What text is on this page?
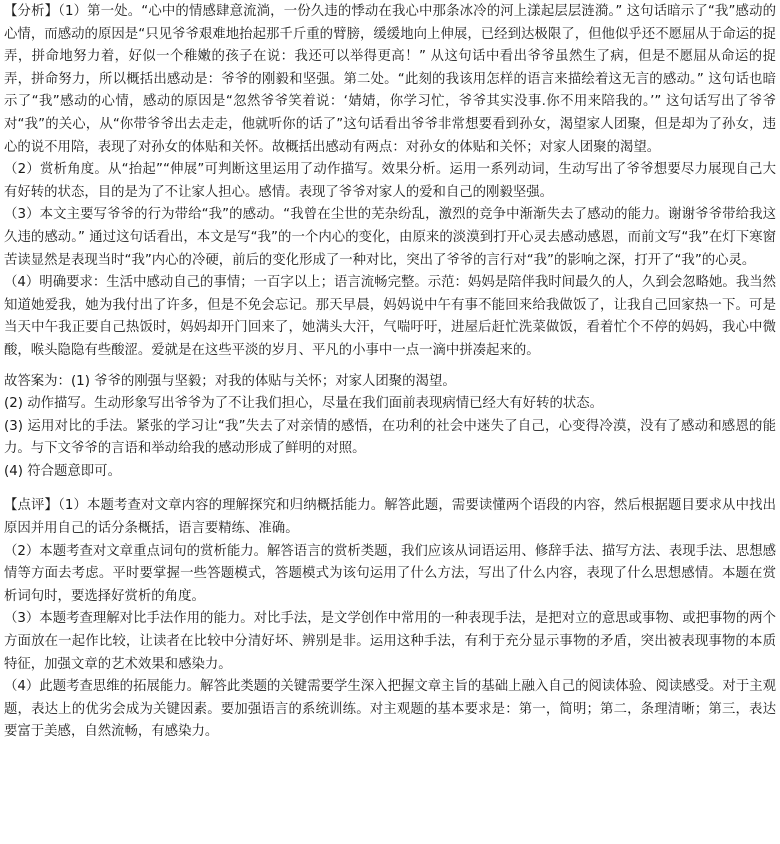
【分析】（1）第一处。“心中的情感肆意流淌，一份久违的悸动在我心中那条冰冷的河上漾起层层涟漪。” 这句话暗示了“我”感动的心情，而感动的原因是“只见爷爷艰难地抬起那千斤重的臂膀，缓缓地向上伸展，已经到达极限了，但他似乎还不愿屈从于命运的捉弄，拼命地努力着，好似一个稚嫩的孩子在说：我还可以举得更高！” 从这句话中看出爷爷虽然生了病，但是不愿屈从命运的捉弄，拼命努力，所以概括出感动是：爷爷的刚毅和坚强。第二处。“此刻的我该用怎样的语言来描绘着这无言的感动。” 这句话也暗示了“我”感动的心情，感动的原因是“忽然爷爷笑着说：‘婧婧，你学习忙，爷爷其实没事.你不用来陪我的。’” 这句话写出了爷爷对“我”的关心，从“你带爷爷出去走走，他就听你的话了”这句话看出爷爷非常想要看到孙女，渴望家人团聚，但是却为了孙女，违心的说不用陪，表现了对孙女的体贴和关怀。故概括出感动有两点：对孙女的体贴和关怀；对家人团聚的渴望。

（2）赏析角度。从“抬起”“伸展”可判断这里运用了动作描写。效果分析。运用一系列动词，生动写出了爷爷想要尽力展现自己大有好转的状态，目的是为了不让家人担心。感情。表现了爷爷对家人的爱和自己的刚毅坚强。

（3）本文主要写爷爷的行为带给“我”的感动。“我曾在尘世的芜杂纷乱，激烈的竞争中渐渐失去了感动的能力。谢谢爷爷带给我这久违的感动。” 通过这句话看出，本文是写“我”的一个内心的变化，由原来的淡漠到打开心灵去感动感恩，而前文写“我”在灯下寒窗苦读显然是表现当时“我”内心的冷硬，前后的变化形成了一种对比，突出了爷爷的言行对“我”的影响之深，打开了“我”的心灵。

（4）明确要求：生活中感动自己的事情；一百字以上；语言流畅完整。示范：妈妈是陪伴我时间最久的人，久到会忽略她。我当然知道她爱我，她为我付出了许多，但是不免会忘记。那天早晨，妈妈说中午有事不能回来给我做饭了，让我自己回家热一下。可是当天中午我正要自己热饭时，妈妈却开门回来了，她满头大汗，气喘吁吁，进屋后赶忙洗菜做饭，看着忙个不停的妈妈，我心中微酸，喉头隐隐有些酸涩。爱就是在这些平淡的岁月、平凡的小事中一点一滴中拼凑起来的。

故答案为：(1) 爷爷的刚强与坚毅；对我的体贴与关怀；对家人团聚的渴望。

(2) 动作描写。生动形象写出爷爷为了不让我们担心，尽量在我们面前表现病情已经大有好转的状态。

(3) 运用对比的手法。紧张的学习让“我”失去了对亲情的感悟，在功利的社会中迷失了自己，心变得冷漠，没有了感动和感恩的能力。与下文爷爷的言语和举动给我的感动形成了鲜明的对照。

(4) 符合题意即可。

【点评】（1）本题考查对文章内容的理解探究和归纳概括能力。解答此题，需要读懂两个语段的内容，然后根据题目要求从中找出原因并用自己的话分条概括，语言要精练、准确。

（2）本题考查对文章重点词句的赏析能力。解答语言的赏析类题，我们应该从词语运用、修辞手法、描写方法、表现手法、思想感情等方面去考虑。平时要掌握一些答题模式，答题模式为该句运用了什么方法，写出了什么内容，表现了什么思想感情。本题在赏析词句时，要选择好赏析的角度。

（3）本题考查理解对比手法作用的能力。对比手法，是文学创作中常用的一种表现手法，是把对立的意思或事物、或把事物的两个方面放在一起作比较，让读者在比较中分清好坏、辨别是非。运用这种手法，有利于充分显示事物的矛盾，突出被表现事物的本质特征，加强文章的艺术效果和感染力。

（4）此题考查思维的拓展能力。解答此类题的关键需要学生深入把握文章主旨的基础上融入自己的阅读体验、阅读感受。对于主观题，表达上的优劣会成为关键因素。要加强语言的系统训练。对主观题的基本要求是：第一，简明；第二，条理清晰；第三，表达要富于美感，自然流畅，有感染力。
